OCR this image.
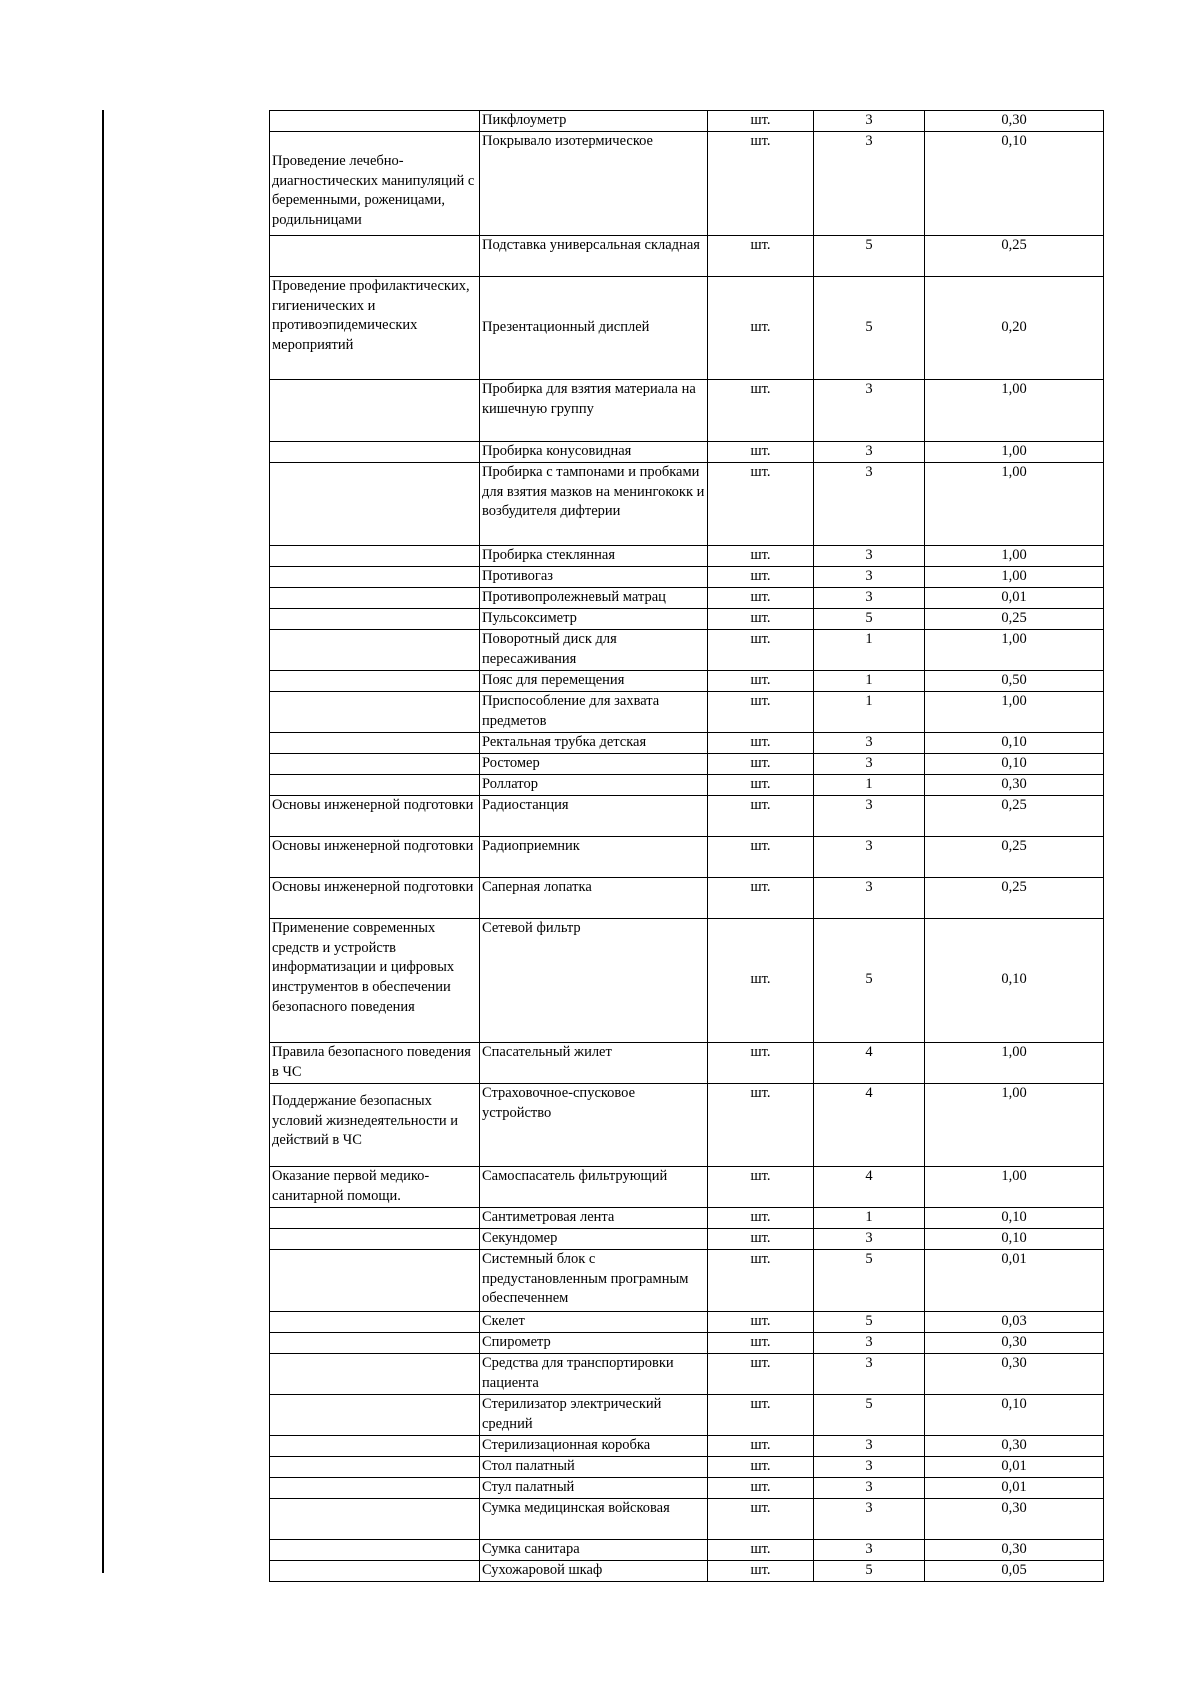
	Пикфлоуметр	шт.	3	0,30
Проведение лечебно-диагностических манипуляций с беременными, роженицами, родильницами	Покрывало изотермическое	шт.	3	0,10
	Подставка универсальная складная	шт.	5	0,25
Проведение профилактических, гигиенических и противоэпидемических мероприятий	Презентационный дисплей	шт.	5	0,20
	Пробирка для взятия материала на кишечную группу	шт.	3	1,00
	Пробирка конусовидная	шт.	3	1,00
	Пробирка с тампонами и пробками для взятия мазков на менингококк и возбудителя дифтерии	шт.	3	1,00
	Пробирка стеклянная	шт.	3	1,00
	Противогаз	шт.	3	1,00
	Противопролежневый матрац	шт.	3	0,01
	Пульсоксиметр	шт.	5	0,25
	Поворотный диск для пересаживания	шт.	1	1,00
	Пояс для перемещения	шт.	1	0,50
	Приспособление для захвата предметов	шт.	1	1,00
	Ректальная трубка детская	шт.	3	0,10
	Ростомер	шт.	3	0,10
	Роллатор	шт.	1	0,30
Основы инженерной подготовки	Радиостанция	шт.	3	0,25
Основы инженерной подготовки	Радиоприемник	шт.	3	0,25
Основы инженерной подготовки	Саперная лопатка	шт.	3	0,25
Применение современных средств и устройств информатизации и цифровых инструментов в обеспечении безопасного поведения	Сетевой фильтр	шт.	5	0,10
Правила безопасного поведения в ЧС	Спасательный жилет	шт.	4	1,00
Поддержание безопасных условий жизнедеятельности и действий в ЧС	Страховочное-спусковое устройство	шт.	4	1,00
Оказание первой медико-санитарной помощи.	Самоспасатель фильтрующий	шт.	4	1,00
	Сантиметровая лента	шт.	1	0,10
	Секундомер	шт.	3	0,10
	Системный блок с предустановленным програмным обеспеченнем	шт.	5	0,01
	Скелет	шт.	5	0,03
	Спирометр	шт.	3	0,30
	Средства для транспортировки пациента	шт.	3	0,30
	Стерилизатор электрический средний	шт.	5	0,10
	Стерилизационная коробка	шт.	3	0,30
	Стол палатный	шт.	3	0,01
	Стул палатный	шт.	3	0,01
	Сумка медицинская войсковая	шт.	3	0,30
	Сумка санитара	шт.	3	0,30
	Сухожаровой шкаф	шт.	5	0,05
